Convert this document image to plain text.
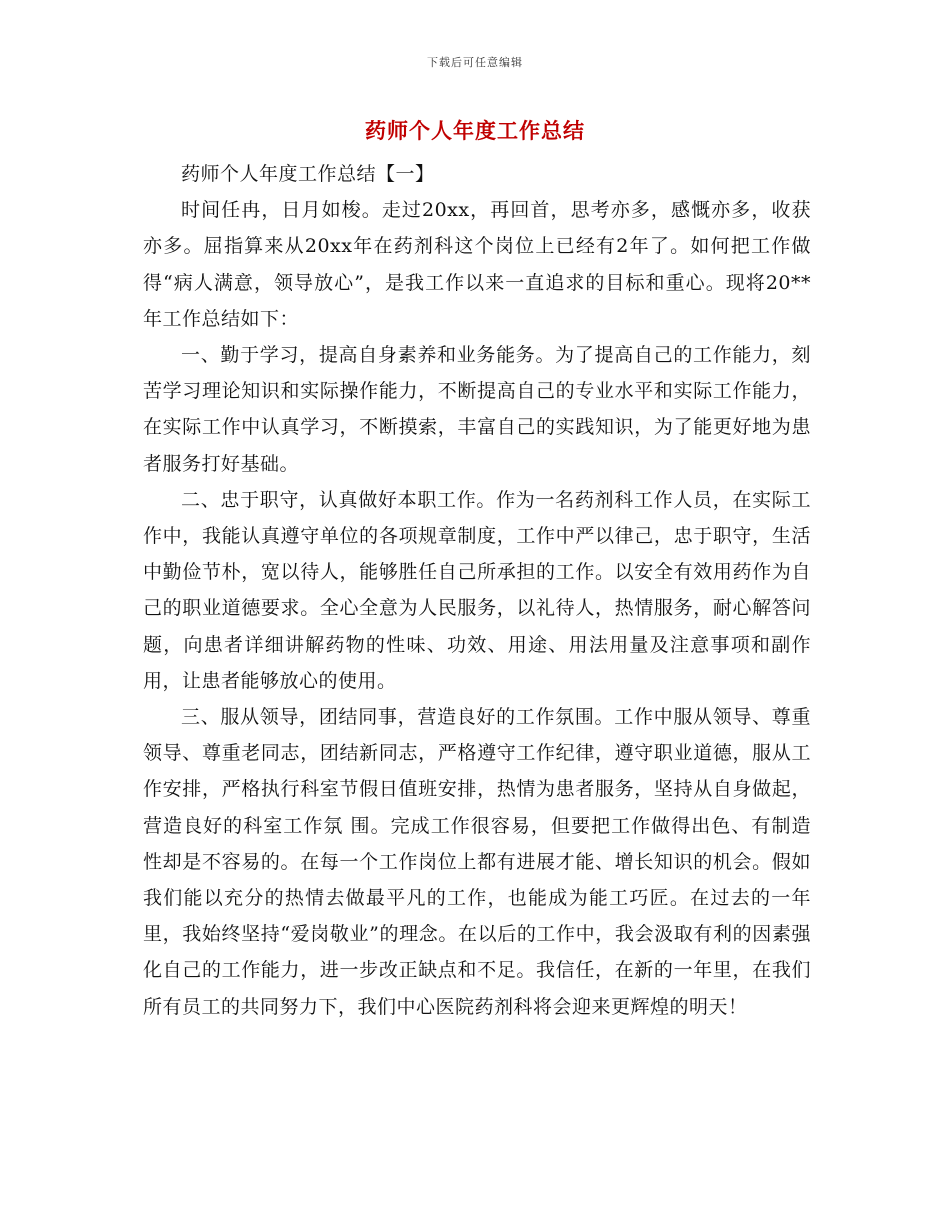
下载后可任意编辑
药师个人年度工作总结

药师个人年度工作总结【一】

时间任冉，日月如梭。走过20xx，再回首，思考亦多，感慨亦多，收获亦多。屈指算来从20xx年在药剂科这个岗位上已经有2年了。如何把工作做得“病人满意，领导放心”，是我工作以来一直追求的目标和重心。现将20**年工作总结如下：

一、勤于学习，提高自身素养和业务能务。为了提高自己的工作能力，刻苦学习理论知识和实际操作能力，不断提高自己的专业水平和实际工作能力，在实际工作中认真学习，不断摸索，丰富自己的实践知识，为了能更好地为患者服务打好基础。

二、忠于职守，认真做好本职工作。作为一名药剂科工作人员，在实际工作中，我能认真遵守单位的各项规章制度，工作中严以律己，忠于职守，生活中勤俭节朴，宽以待人，能够胜任自己所承担的工作。以安全有效用药作为自己的职业道德要求。全心全意为人民服务，以礼待人，热情服务，耐心解答问题，向患者详细讲解药物的性味、功效、用途、用法用量及注意事项和副作用，让患者能够放心的使用。

三、服从领导，团结同事，营造良好的工作氛围。工作中服从领导、尊重领导、尊重老同志，团结新同志，严格遵守工作纪律，遵守职业道德，服从工作安排，严格执行科室节假日值班安排，热情为患者服务，坚持从自身做起，营造良好的科室工作氛 围。完成工作很容易，但要把工作做得出色、有制造性却是不容易的。在每一个工作岗位上都有进展才能、增长知识的机会。假如我们能以充分的热情去做最平凡的工作，也能成为能工巧匠。在过去的一年里，我始终坚持“爱岗敬业”的理念。在以后的工作中，我会汲取有利的因素强化自己的工作能力，进一步改正缺点和不足。我信任，在新的一年里，在我们所有员工的共同努力下，我们中心医院药剂科将会迎来更辉煌的明天！
